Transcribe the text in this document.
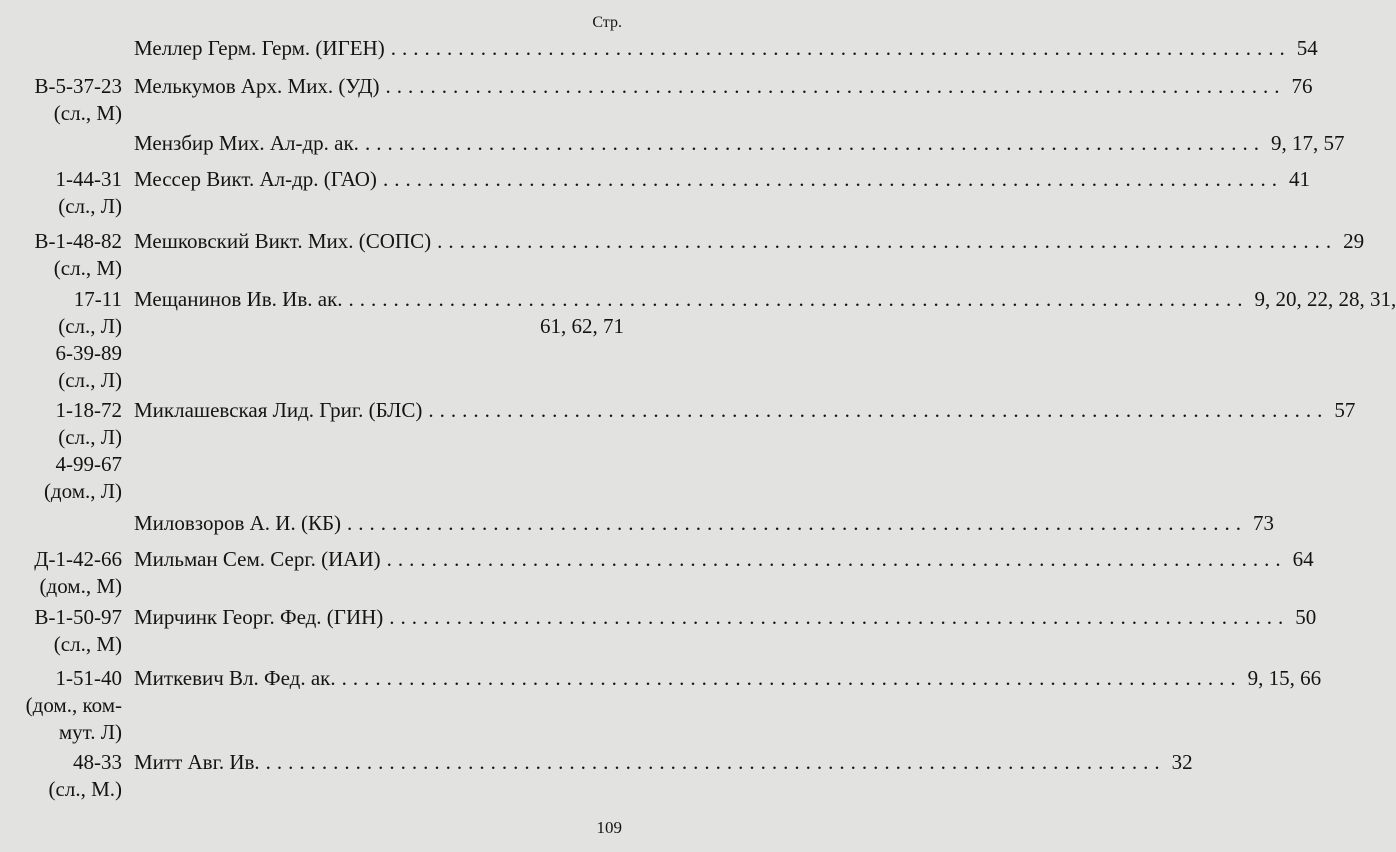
Стр.
Меллер Герм. Герм. (ИГЕН) ................................................................................ 54
В-5-37-23
(сл., М)
Мелькумов Арх. Мих. (УД) ................................................................................ 76
Мензбир Мих. Ал-др. ак. ................................................................................ 9, 17, 57
1-44-31
(сл., Л)
Мессер Викт. Ал-др. (ГАО) ................................................................................ 41
В-1-48-82
(сл., М)
Мешковский Викт. Мих. (СОПС) ................................................................................ 29
17-11
(сл., Л)
6-39-89
(сл., Л)
Мещанинов Ив. Ив. ак. ................................................................................ 9, 20, 22, 28, 31,
61, 62, 71
1-18-72
(сл., Л)
4-99-67
(дом., Л)
Миклашевская Лид. Григ. (БЛС) ................................................................................ 57
Миловзоров А. И. (КБ) ................................................................................ 73
Д-1-42-66
(дом., М)
Мильман Сем. Серг. (ИАИ) ................................................................................ 64
В-1-50-97
(сл., М)
Мирчинк Георг. Фед. (ГИН) ................................................................................ 50
1-51-40
(дом., ком-
мут. Л)
Миткевич Вл. Фед. ак. ................................................................................ 9, 15, 66
48-33
(сл., М.)
Митт Авг. Ив. ................................................................................ 32
109
